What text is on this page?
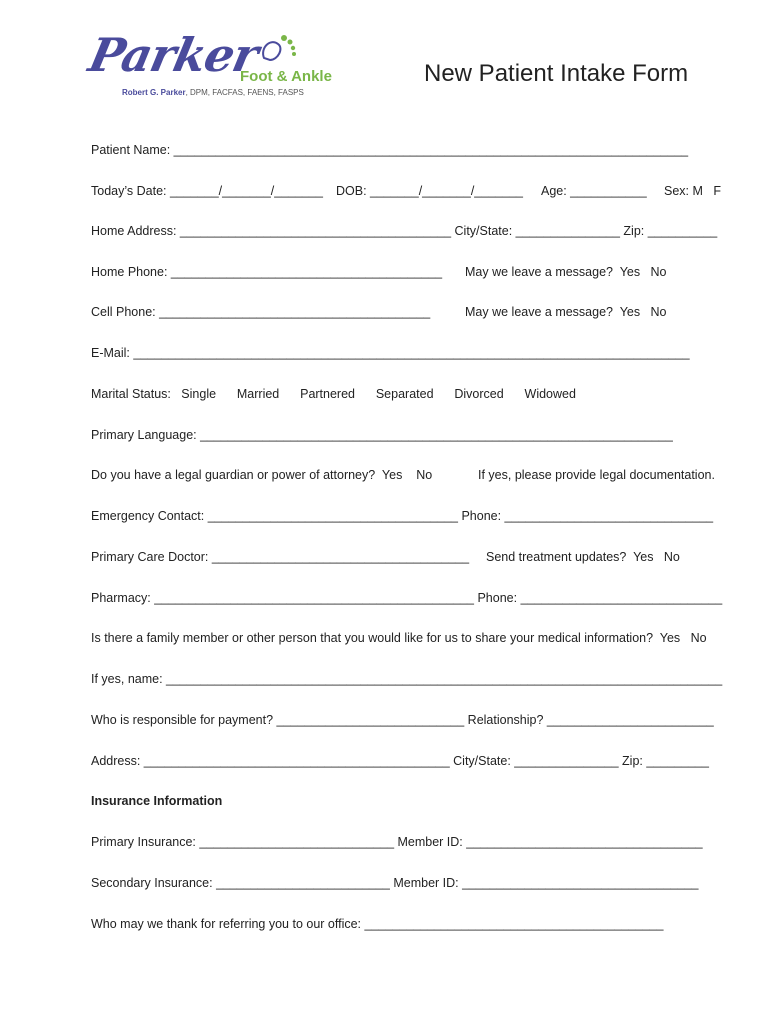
Parker
Foot & Ankle
Robert G. Parker, DPM, FACFAS, FAENS, FASPS
New Patient Intake Form
Patient Name: __________________________________________________________________________
Today’s Date: _______/_______/_______ DOB: _______/_______/_______ Age: ___________ Sex: M   F
Home Address: _______________________________________ City/State: _______________ Zip: __________
Home Phone: _______________________________________ May we leave a message?  Yes   No
Cell Phone: _______________________________________	May we leave a message?  Yes   No
E-Mail: ________________________________________________________________________________
Marital Status:   Single      Married      Partnered      Separated      Divorced      Widowed
Primary Language: ____________________________________________________________________
Do you have a legal guardian or power of attorney?  Yes    No	If yes, please provide legal documentation.
Emergency Contact: ____________________________________ Phone: ______________________________
Primary Care Doctor: _____________________________________ Send treatment updates?  Yes   No
Pharmacy: ______________________________________________ Phone: _____________________________
Is there a family member or other person that you would like for us to share your medical information?  Yes   No
If yes, name: ________________________________________________________________________________
Who is responsible for payment? ___________________________ Relationship? ________________________
Address: ____________________________________________ City/State: _______________ Zip: _________
Insurance Information
Primary Insurance: ____________________________ Member ID: __________________________________
Secondary Insurance: _________________________ Member ID: __________________________________
Who may we thank for referring you to our office: ___________________________________________
